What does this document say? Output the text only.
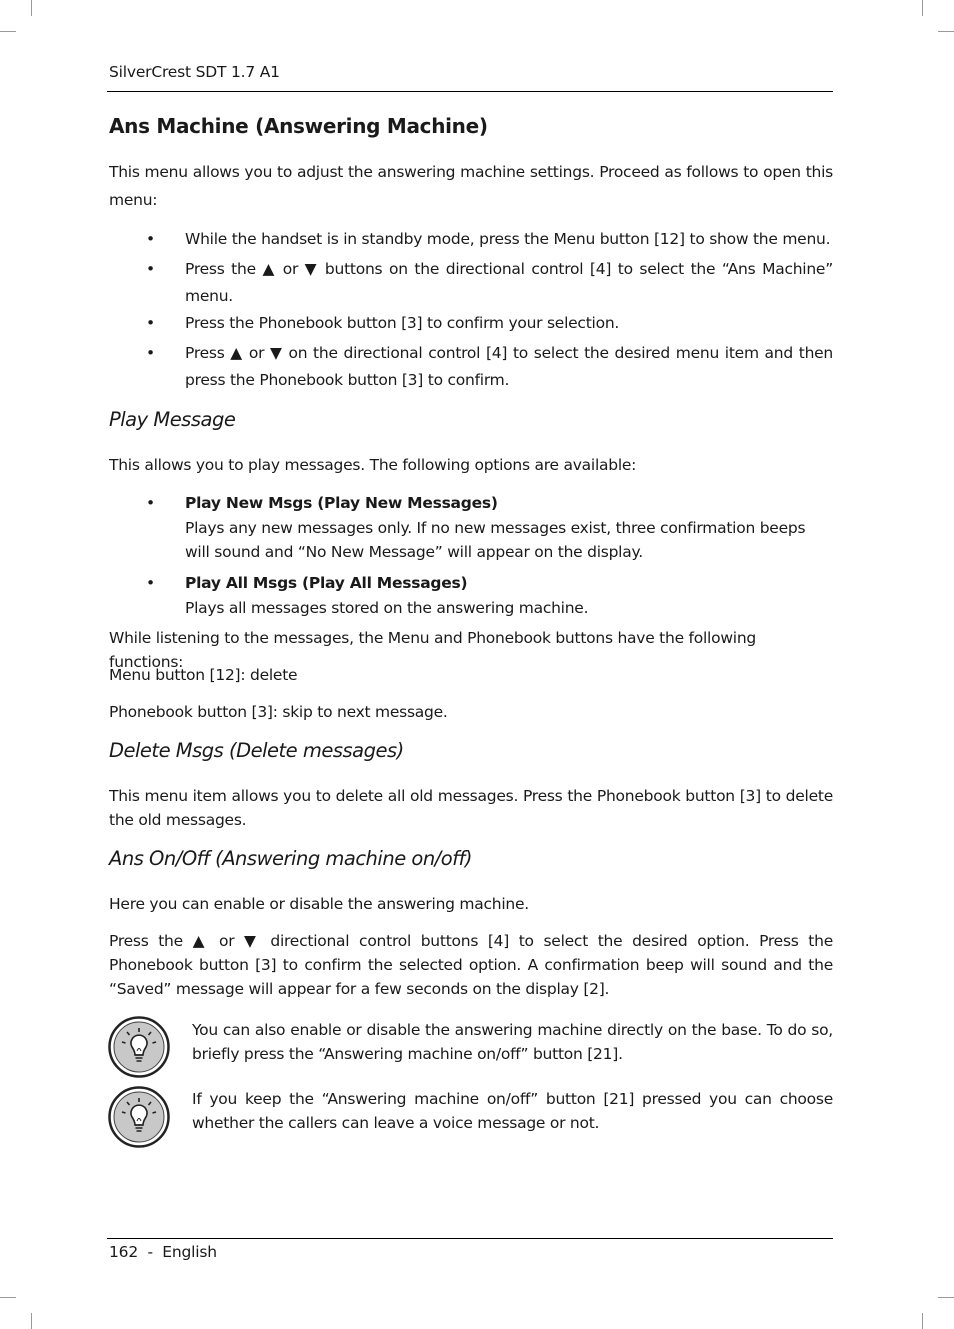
SilverCrest SDT 1.7 A1
Ans Machine (Answering Machine)
This menu allows you to adjust the answering machine settings. Proceed as follows to open this menu:
•	While the handset is in standby mode, press the Menu button [12] to show the menu.
•	Press the ▲ or ▼ buttons on the directional control [4] to select the “Ans Machine” menu.
•	Press the Phonebook button [3] to confirm your selection.
•	Press ▲ or ▼ on the directional control [4] to select the desired menu item and then press the Phonebook button [3] to confirm.
Play Message
This allows you to play messages. The following options are available:
•	Play New Msgs (Play New Messages)
Plays any new messages only. If no new messages exist, three confirmation beeps will sound and “No New Message” will appear on the display.
•	Play All Msgs (Play All Messages)
Plays all messages stored on the answering machine.
While listening to the messages, the Menu and Phonebook buttons have the following functions:
Menu button [12]: delete
Phonebook button [3]: skip to next message.
Delete Msgs (Delete messages)
This menu item allows you to delete all old messages. Press the Phonebook button [3] to delete the old messages.
Ans On/Off (Answering machine on/off)
Here you can enable or disable the answering machine.
Press the ▲ or ▼ directional control buttons [4] to select the desired option. Press the Phonebook button [3] to confirm the selected option. A confirmation beep will sound and the “Saved” message will appear for a few seconds on the display [2].
You can also enable or disable the answering machine directly on the base. To do so, briefly press the “Answering machine on/off” button [21].
If you keep the “Answering machine on/off” button [21] pressed you can choose whether the callers can leave a voice message or not.
162  -  English
